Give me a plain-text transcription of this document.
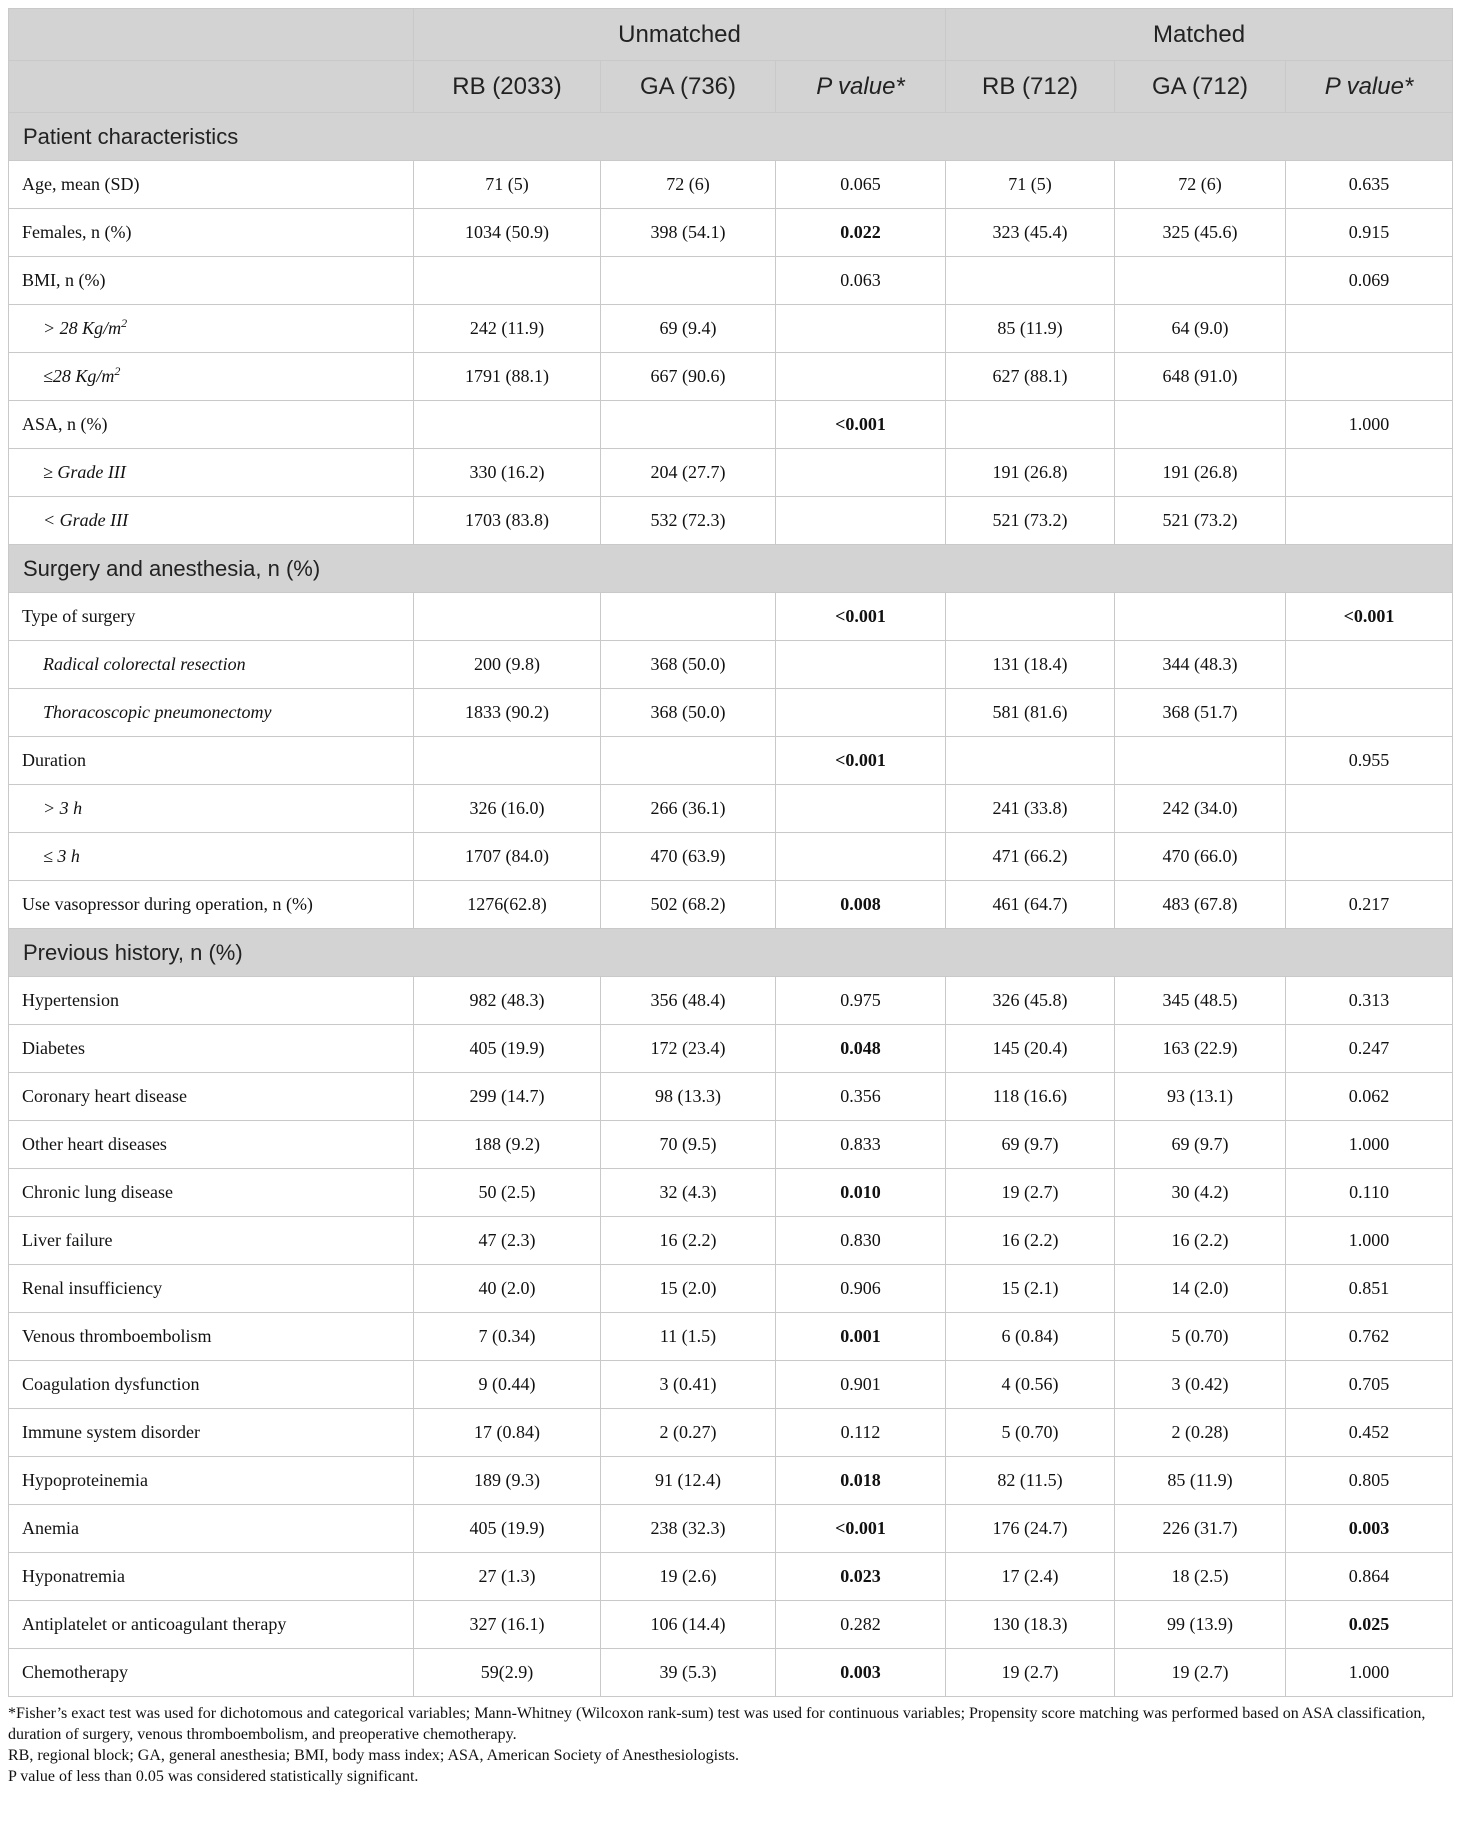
	Unmatched			Matched		
	RB (2033)	GA (736)	P value*	RB (712)	GA (712)	P value*
Patient characteristics						
Age, mean (SD)	71 (5)	72 (6)	0.065	71 (5)	72 (6)	0.635
Females, n (%)	1034 (50.9)	398 (54.1)	0.022	323 (45.4)	325 (45.6)	0.915
BMI, n (%)			0.063			0.069
> 28 $Kg/m^2$	242 (11.9)	69 (9.4)		85 (11.9)	64 (9.0)	
≤28 $Kg/m^2$	1791 (88.1)	667 (90.6)		627 (88.1)	648 (91.0)	
ASA, n (%)			<0.001			1.000
≥ Grade III	330 (16.2)	204 (27.7)		191 (26.8)	191 (26.8)	
< Grade III	1703 (83.8)	532 (72.3)		521 (73.2)	521 (73.2)	
Surgery and anesthesia, n (%)						
Type of surgery			<0.001			<0.001
Radical colorectal resection	200 (9.8)	368 (50.0)		131 (18.4)	344 (48.3)	
Thoracoscopic pneumonectomy	1833 (90.2)	368 (50.0)		581 (81.6)	368 (51.7)	
Duration			<0.001			0.955
> 3 h	326 (16.0)	266 (36.1)		241 (33.8)	242 (34.0)	
≤ 3 h	1707 (84.0)	470 (63.9)		471 (66.2)	470 (66.0)	
Use vasopressor during operation, n (%)	1276(62.8)	502 (68.2)	0.008	461 (64.7)	483 (67.8)	0.217
Previous history, n (%)						
Hypertension	982 (48.3)	356 (48.4)	0.975	326 (45.8)	345 (48.5)	0.313
Diabetes	405 (19.9)	172 (23.4)	0.048	145 (20.4)	163 (22.9)	0.247
Coronary heart disease	299 (14.7)	98 (13.3)	0.356	118 (16.6)	93 (13.1)	0.062
Other heart diseases	188 (9.2)	70 (9.5)	0.833	69 (9.7)	69 (9.7)	1.000
Chronic lung disease	50 (2.5)	32 (4.3)	0.010	19 (2.7)	30 (4.2)	0.110
Liver failure	47 (2.3)	16 (2.2)	0.830	16 (2.2)	16 (2.2)	1.000
Renal insufficiency	40 (2.0)	15 (2.0)	0.906	15 (2.1)	14 (2.0)	0.851
Venous thromboembolism	7 (0.34)	11 (1.5)	0.001	6 (0.84)	5 (0.70)	0.762
Coagulation dysfunction	9 (0.44)	3 (0.41)	0.901	4 (0.56)	3 (0.42)	0.705
Immune system disorder	17 (0.84)	2 (0.27)	0.112	5 (0.70)	2 (0.28)	0.452
Hypoproteinemia	189 (9.3)	91 (12.4)	0.018	82 (11.5)	85 (11.9)	0.805
Anemia	405 (19.9)	238 (32.3)	<0.001	176 (24.7)	226 (31.7)	0.003
Hyponatremia	27 (1.3)	19 (2.6)	0.023	17 (2.4)	18 (2.5)	0.864
Antiplatelet or anticoagulant therapy	327 (16.1)	106 (14.4)	0.282	130 (18.3)	99 (13.9)	0.025
Chemotherapy	59(2.9)	39 (5.3)	0.003	19 (2.7)	19 (2.7)	1.000

*Fisher’s exact test was used for dichotomous and categorical variables; Mann-Whitney (Wilcoxon rank-sum) test was used for continuous variables; Propensity score matching was performed based on ASA classification, duration of surgery, venous thromboembolism, and preoperative chemotherapy.

RB, regional block; GA, general anesthesia; BMI, body mass index; ASA, American Society of Anesthesiologists.

P value of less than 0.05 was considered statistically significant.
